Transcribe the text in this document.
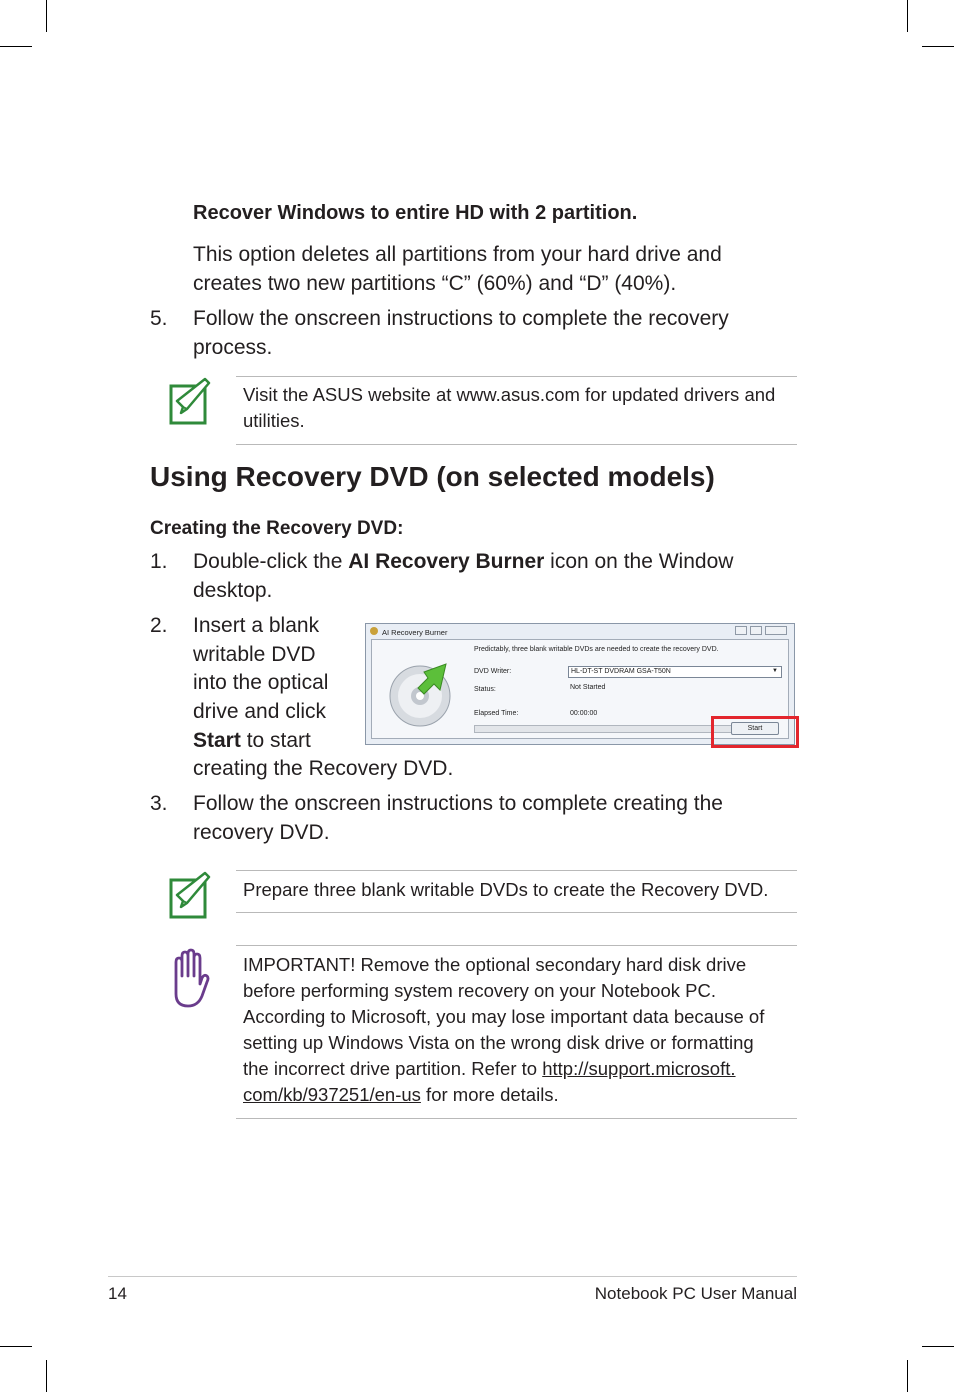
Recover Windows to entire HD with 2 partition.
This option deletes all partitions from your hard drive and
creates two new partitions “C” (60%) and “D” (40%).
5. Follow the onscreen instructions to complete the recovery
process.
Visit the ASUS website at www.asus.com for updated drivers and
utilities.
Using Recovery DVD (on selected models)
Creating the Recovery DVD:
1. Double-click the AI Recovery Burner icon on the Window
desktop.
2. Insert a blank
writable DVD
into the optical
drive and click
Start to start
creating the Recovery DVD.
AI Recovery Burner
Predictably, three blank writable DVDs are needed to create the recovery DVD.
DVD Writer:	HL-DT-ST DVDRAM GSA-T50N	▼
Status:	Not Started
Elapsed Time:	00:00:00
Start
3. Follow the onscreen instructions to complete creating the
recovery DVD.
Prepare three blank writable DVDs to create the Recovery DVD.
IMPORTANT! Remove the optional secondary hard disk drive
before performing system recovery on your Notebook PC.
According to Microsoft, you may lose important data because of
setting up Windows Vista on the wrong disk drive or formatting
the incorrect drive partition. Refer to http://support.microsoft.
com/kb/937251/en-us for more details.
14	Notebook PC User Manual
